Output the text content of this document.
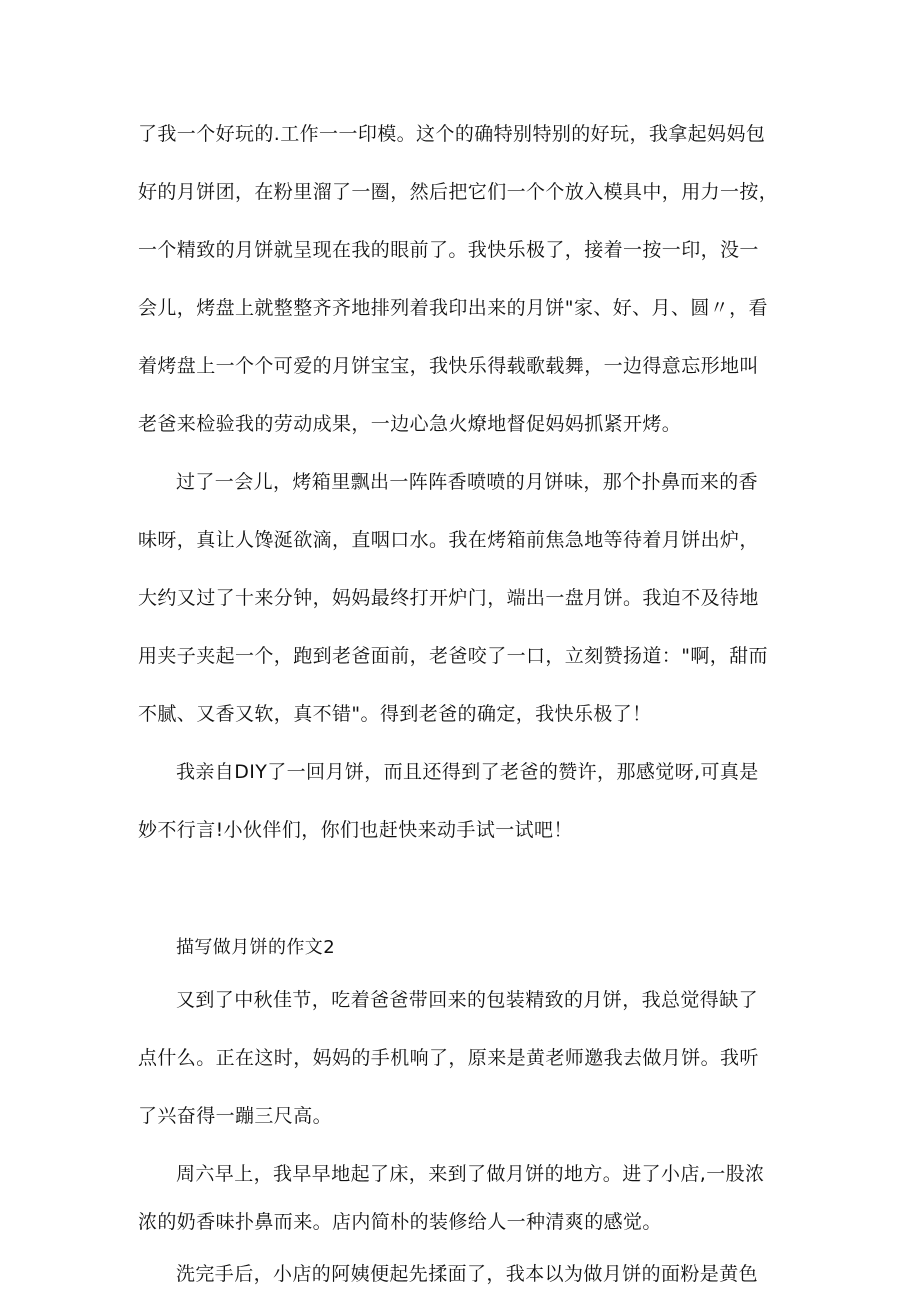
了我一个好玩的.工作一一印模。这个的确特别特别的好玩，我拿起妈妈包
好的月饼团，在粉里溜了一圈，然后把它们一个个放入模具中，用力一按，
一个精致的月饼就呈现在我的眼前了。我快乐极了，接着一按一印，没一
会儿，烤盘上就整整齐齐地排列着我印出来的月饼"家、好、月、圆〃，看
着烤盘上一个个可爱的月饼宝宝，我快乐得载歌载舞，一边得意忘形地叫
老爸来检验我的劳动成果，一边心急火燎地督促妈妈抓紧开烤。
过了一会儿，烤箱里飘出一阵阵香喷喷的月饼味，那个扑鼻而来的香
味呀，真让人馋涎欲滴，直咽口水。我在烤箱前焦急地等待着月饼出炉，
大约又过了十来分钟，妈妈最终打开炉门，端出一盘月饼。我迫不及待地
用夹子夹起一个，跑到老爸面前，老爸咬了一口，立刻赞扬道："啊，甜而
不腻、又香又软，真不错"。得到老爸的确定，我快乐极了！
我亲自DIY了一回月饼，而且还得到了老爸的赞许，那感觉呀,可真是
妙不行言!小伙伴们，你们也赶快来动手试一试吧！
描写做月饼的作文2
又到了中秋佳节，吃着爸爸带回来的包装精致的月饼，我总觉得缺了
点什么。正在这时，妈妈的手机响了，原来是黄老师邀我去做月饼。我听
了兴奋得一蹦三尺高。
周六早上，我早早地起了床，来到了做月饼的地方。进了小店,一股浓
浓的奶香味扑鼻而来。店内简朴的装修给人一种清爽的感觉。
洗完手后，小店的阿姨便起先揉面了，我本以为做月饼的面粉是黄色
